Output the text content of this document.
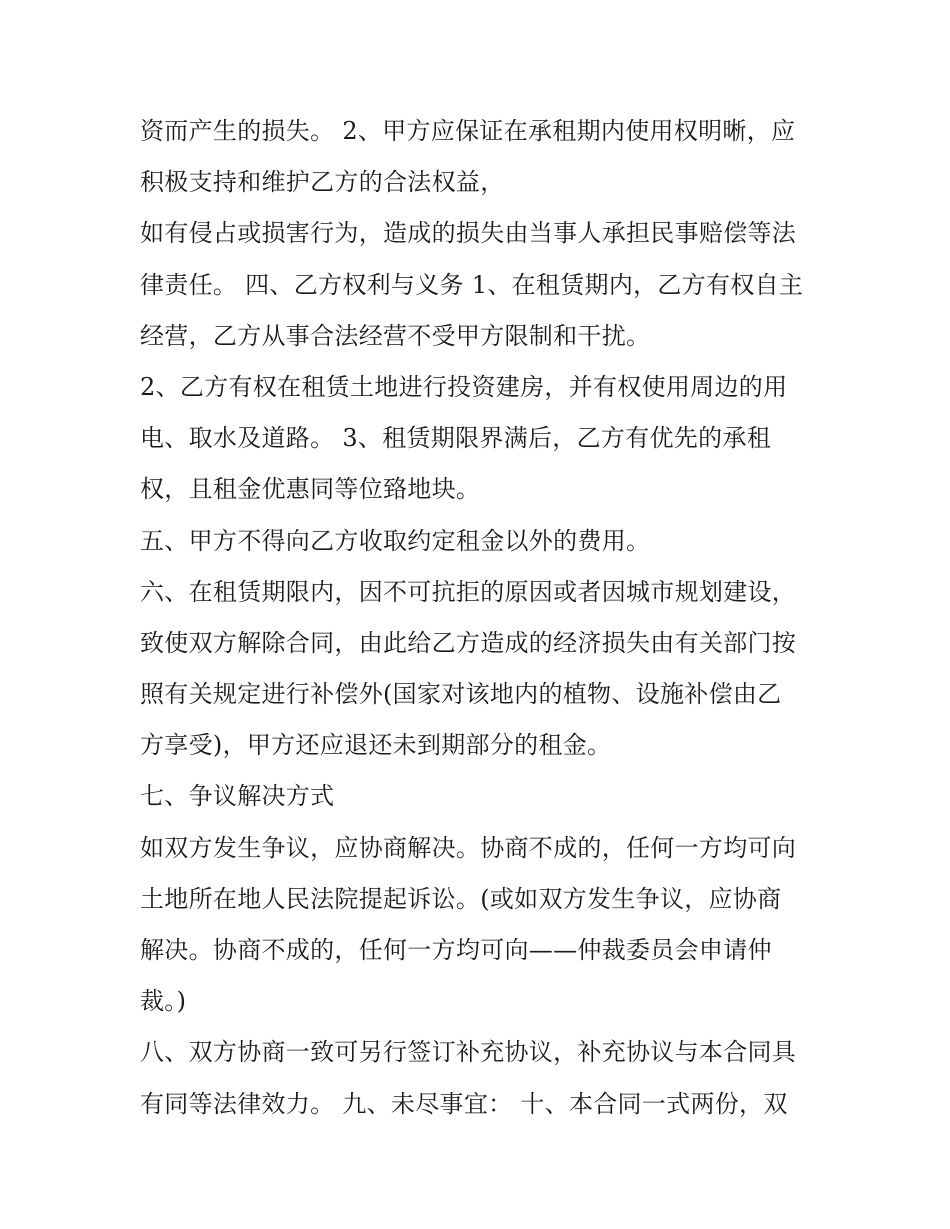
资而产生的损失。 2、甲方应保证在承租期内使用权明晰，应
积极支持和维护乙方的合法权益，
如有侵占或损害行为，造成的损失由当事人承担民事赔偿等法
律责任。 四、乙方权利与义务 1、在租赁期内，乙方有权自主
经营，乙方从事合法经营不受甲方限制和干扰。
2、乙方有权在租赁土地进行投资建房，并有权使用周边的用
电、取水及道路。 3、租赁期限界满后，乙方有优先的承租
权，且租金优惠同等位臵地块。
五、甲方不得向乙方收取约定租金以外的费用。
六、在租赁期限内，因不可抗拒的原因或者因城市规划建设，
致使双方解除合同，由此给乙方造成的经济损失由有关部门按
照有关规定进行补偿外(国家对该地内的植物、设施补偿由乙
方享受)，甲方还应退还未到期部分的租金。
七、争议解决方式
如双方发生争议，应协商解决。协商不成的，任何一方均可向
土地所在地人民法院提起诉讼。(或如双方发生争议，应协商
解决。协商不成的，任何一方均可向——仲裁委员会申请仲
裁。)
八、双方协商一致可另行签订补充协议，补充协议与本合同具
有同等法律效力。 九、未尽事宜： 十、本合同一式两份，双
